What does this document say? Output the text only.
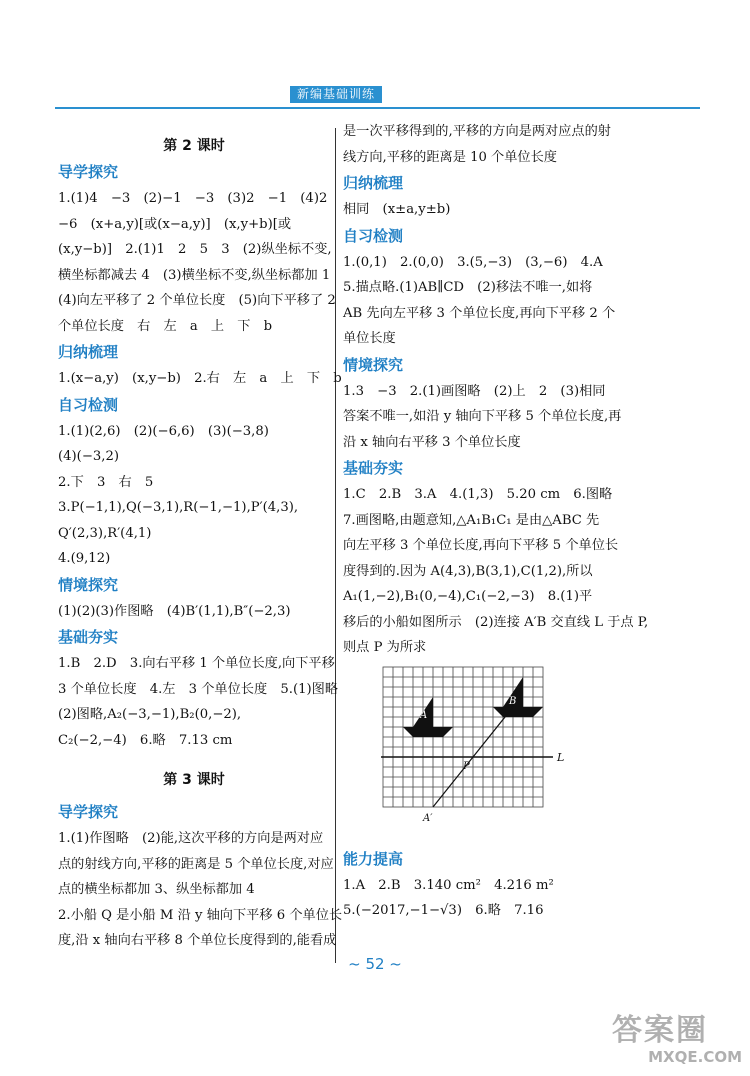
新编基础训练
第 2 课时
导学探究
1.(1)4　−3　(2)−1　−3　(3)2　−1　(4)2
−6　(x+a,y)[或(x−a,y)]　(x,y+b)[或
(x,y−b)]　2.(1)1　2　5　3　(2)纵坐标不变,
横坐标都减去 4　(3)横坐标不变,纵坐标都加 1
(4)向左平移了 2 个单位长度　(5)向下平移了 2
个单位长度　右　左　a　上　下　b
归纳梳理
1.(x−a,y)　(x,y−b)　2.右　左　a　上　下　b
自习检测
1.(1)(2,6)　(2)(−6,6)　(3)(−3,8)
(4)(−3,2)
2.下　3　右　5
3.P(−1,1),Q(−3,1),R(−1,−1),P′(4,3),
Q′(2,3),R′(4,1)
4.(9,12)
情境探究
(1)(2)(3)作图略　(4)B′(1,1),B″(−2,3)
基础夯实
1.B　2.D　3.向右平移 1 个单位长度,向下平移
3 个单位长度　4.左　3 个单位长度　5.(1)图略
(2)图略,A₂(−3,−1),B₂(0,−2),
C₂(−2,−4)　6.略　7.13 cm
第 3 课时
导学探究
1.(1)作图略　(2)能,这次平移的方向是两对应
点的射线方向,平移的距离是 5 个单位长度,对应
点的横坐标都加 3、纵坐标都加 4
2.小船 Q 是小船 M 沿 y 轴向下平移 6 个单位长
度,沿 x 轴向右平移 8 个单位长度得到的,能看成
是一次平移得到的,平移的方向是两对应点的射
线方向,平移的距离是 10 个单位长度
归纳梳理
相同　(x±a,y±b)
自习检测
1.(0,1)　2.(0,0)　3.(5,−3)　(3,−6)　4.A
5.描点略.(1)AB∥CD　(2)移法不唯一,如将
AB 先向左平移 3 个单位长度,再向下平移 2 个
单位长度
情境探究
1.3　−3　2.(1)画图略　(2)上　2　(3)相同
答案不唯一,如沿 y 轴向下平移 5 个单位长度,再
沿 x 轴向右平移 3 个单位长度
基础夯实
1.C　2.B　3.A　4.(1,3)　5.20 cm　6.图略
7.画图略,由题意知,△A₁B₁C₁ 是由△ABC 先
向左平移 3 个单位长度,再向下平移 5 个单位长
度得到的.因为 A(4,3),B(3,1),C(1,2),所以
A₁(1,−2),B₁(0,−4),C₁(−2,−3)　8.(1)平
移后的小船如图所示　(2)连接 A′B 交直线 L 于点 P,
则点 P 为所求
A
B
P
L
A′
能力提高
1.A　2.B　3.140 cm²　4.216 m²
5.(−2017,−1−√3)　6.略　7.16
~ 52 ~
答案圈
MXQE.COM
